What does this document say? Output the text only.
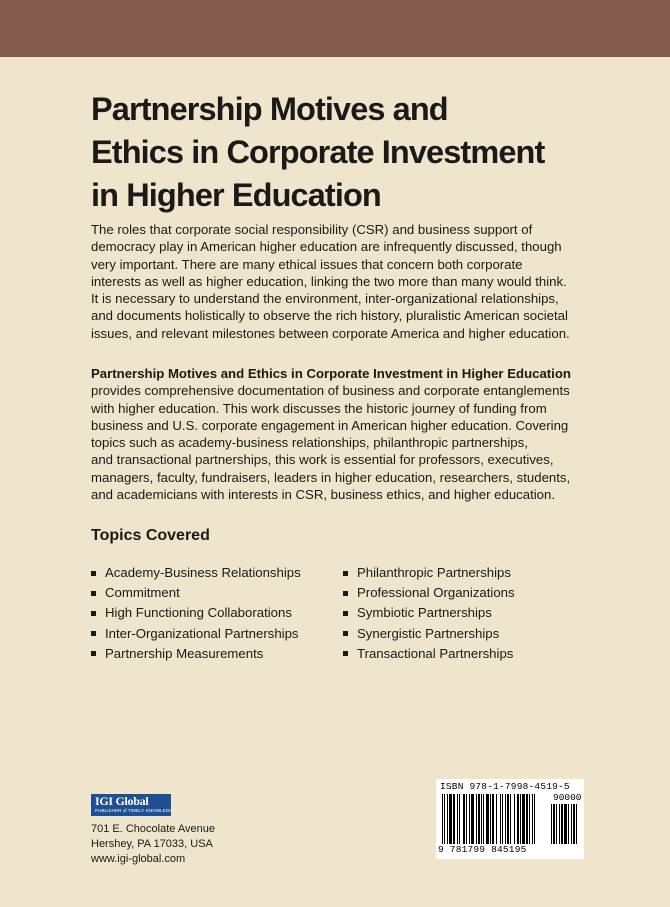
Partnership Motives and
Ethics in Corporate Investment
in Higher Education
The roles that corporate social responsibility (CSR) and business support of
democracy play in American higher education are infrequently discussed, though
very important. There are many ethical issues that concern both corporate
interests as well as higher education, linking the two more than many would think.
It is necessary to understand the environment, inter-organizational relationships,
and documents holistically to observe the rich history, pluralistic American societal
issues, and relevant milestones between corporate America and higher education.
Partnership Motives and Ethics in Corporate Investment in Higher Education
provides comprehensive documentation of business and corporate entanglements
with higher education. This work discusses the historic journey of funding from
business and U.S. corporate engagement in American higher education. Covering
topics such as academy-business relationships, philanthropic partnerships,
and transactional partnerships, this work is essential for professors, executives,
managers, faculty, fundraisers, leaders in higher education, researchers, students,
and academicians with interests in CSR, business ethics, and higher education.
Topics Covered
Academy-Business Relationships
Commitment
High Functioning Collaborations
Inter-Organizational Partnerships
Partnership Measurements
Philanthropic Partnerships
Professional Organizations
Symbiotic Partnerships
Synergistic Partnerships
Transactional Partnerships
IGI Global
PUBLISHER of TIMELY KNOWLEDGE
701 E. Chocolate Avenue
Hershey, PA 17033, USA
www.igi-global.com
ISBN 978-1-7998-4519-5
90000
9 781799 845195
